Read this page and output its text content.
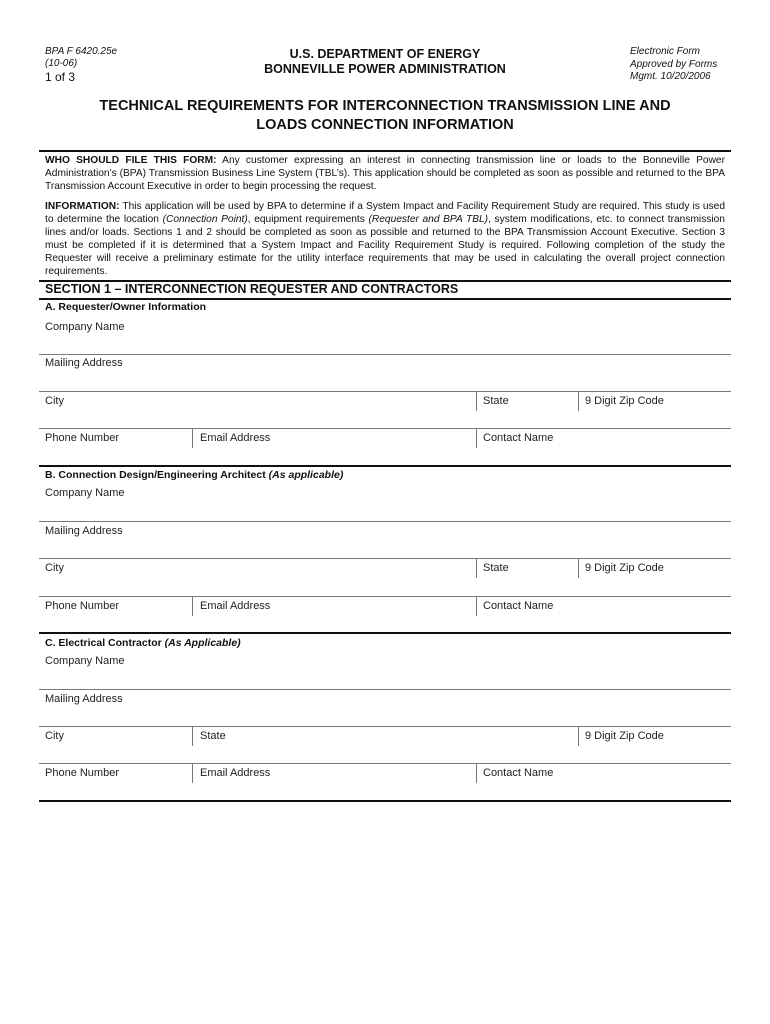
BPA F 6420.25e
(10-06)
1 of 3
U.S. DEPARTMENT OF ENERGY
BONNEVILLE POWER ADMINISTRATION
Electronic Form
Approved by Forms
Mgmt. 10/20/2006
TECHNICAL REQUIREMENTS FOR INTERCONNECTION TRANSMISSION LINE AND
LOADS CONNECTION INFORMATION
WHO SHOULD FILE THIS FORM: Any customer expressing an interest in connecting transmission line or loads to the Bonneville Power Administration’s (BPA) Transmission Business Line System (TBL’s). This application should be completed as soon as possible and returned to the BPA Transmission Account Executive in order to begin processing the request.
INFORMATION: This application will be used by BPA to determine if a System Impact and Facility Requirement Study are required. This study is used to determine the location (Connection Point), equipment requirements (Requester and BPA TBL), system modifications, etc. to connect transmission lines and/or loads. Sections 1 and 2 should be completed as soon as possible and returned to the BPA Transmission Account Executive. Section 3 must be completed if it is determined that a System Impact and Facility Requirement Study is required. Following completion of the study the Requester will receive a preliminary estimate for the utility interface requirements that may be used in calculating the overall project connection requirements.
SECTION 1 – INTERCONNECTION REQUESTER AND CONTRACTORS
A. Requester/Owner Information
Company Name
Mailing Address
City	State	9 Digit Zip Code
Phone Number	Email Address	Contact Name
B. Connection Design/Engineering Architect (As applicable)
Company Name
Mailing Address
City	State	9 Digit Zip Code
Phone Number	Email Address	Contact Name
C. Electrical Contractor (As Applicable)
Company Name
Mailing Address
City	State	9 Digit Zip Code
Phone Number	Email Address	Contact Name
